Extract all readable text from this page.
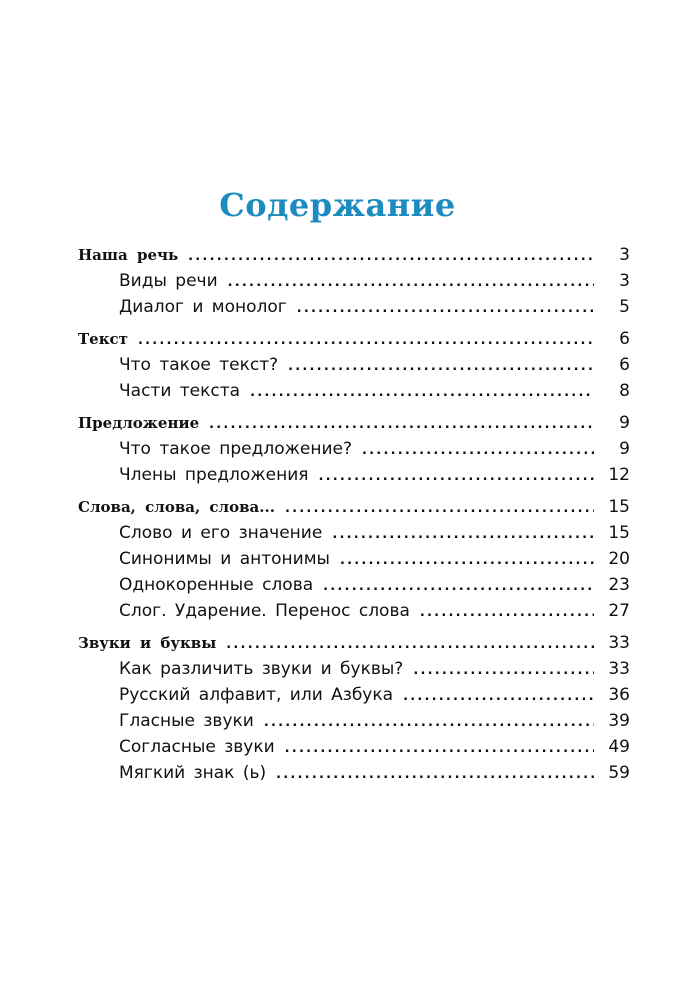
Содержание
Наша речь .....	3
Виды речи .....	3
Диалог и монолог .....	5
Текст .....	6
Что такое текст? .....	6
Части текста .....	8
Предложение .....	9
Что такое предложение? .....	9
Члены предложения .....	12
Слова, слова, слова... .....	15
Слово и его значение .....	15
Синонимы и антонимы .....	20
Однокоренные слова .....	23
Слог. Ударение. Перенос слова .....	27
Звуки и буквы .....	33
Как различить звуки и буквы? .....	33
Русский алфавит, или Азбука .....	36
Гласные звуки .....	39
Согласные звуки .....	49
Мягкий знак (ь) .....	59
